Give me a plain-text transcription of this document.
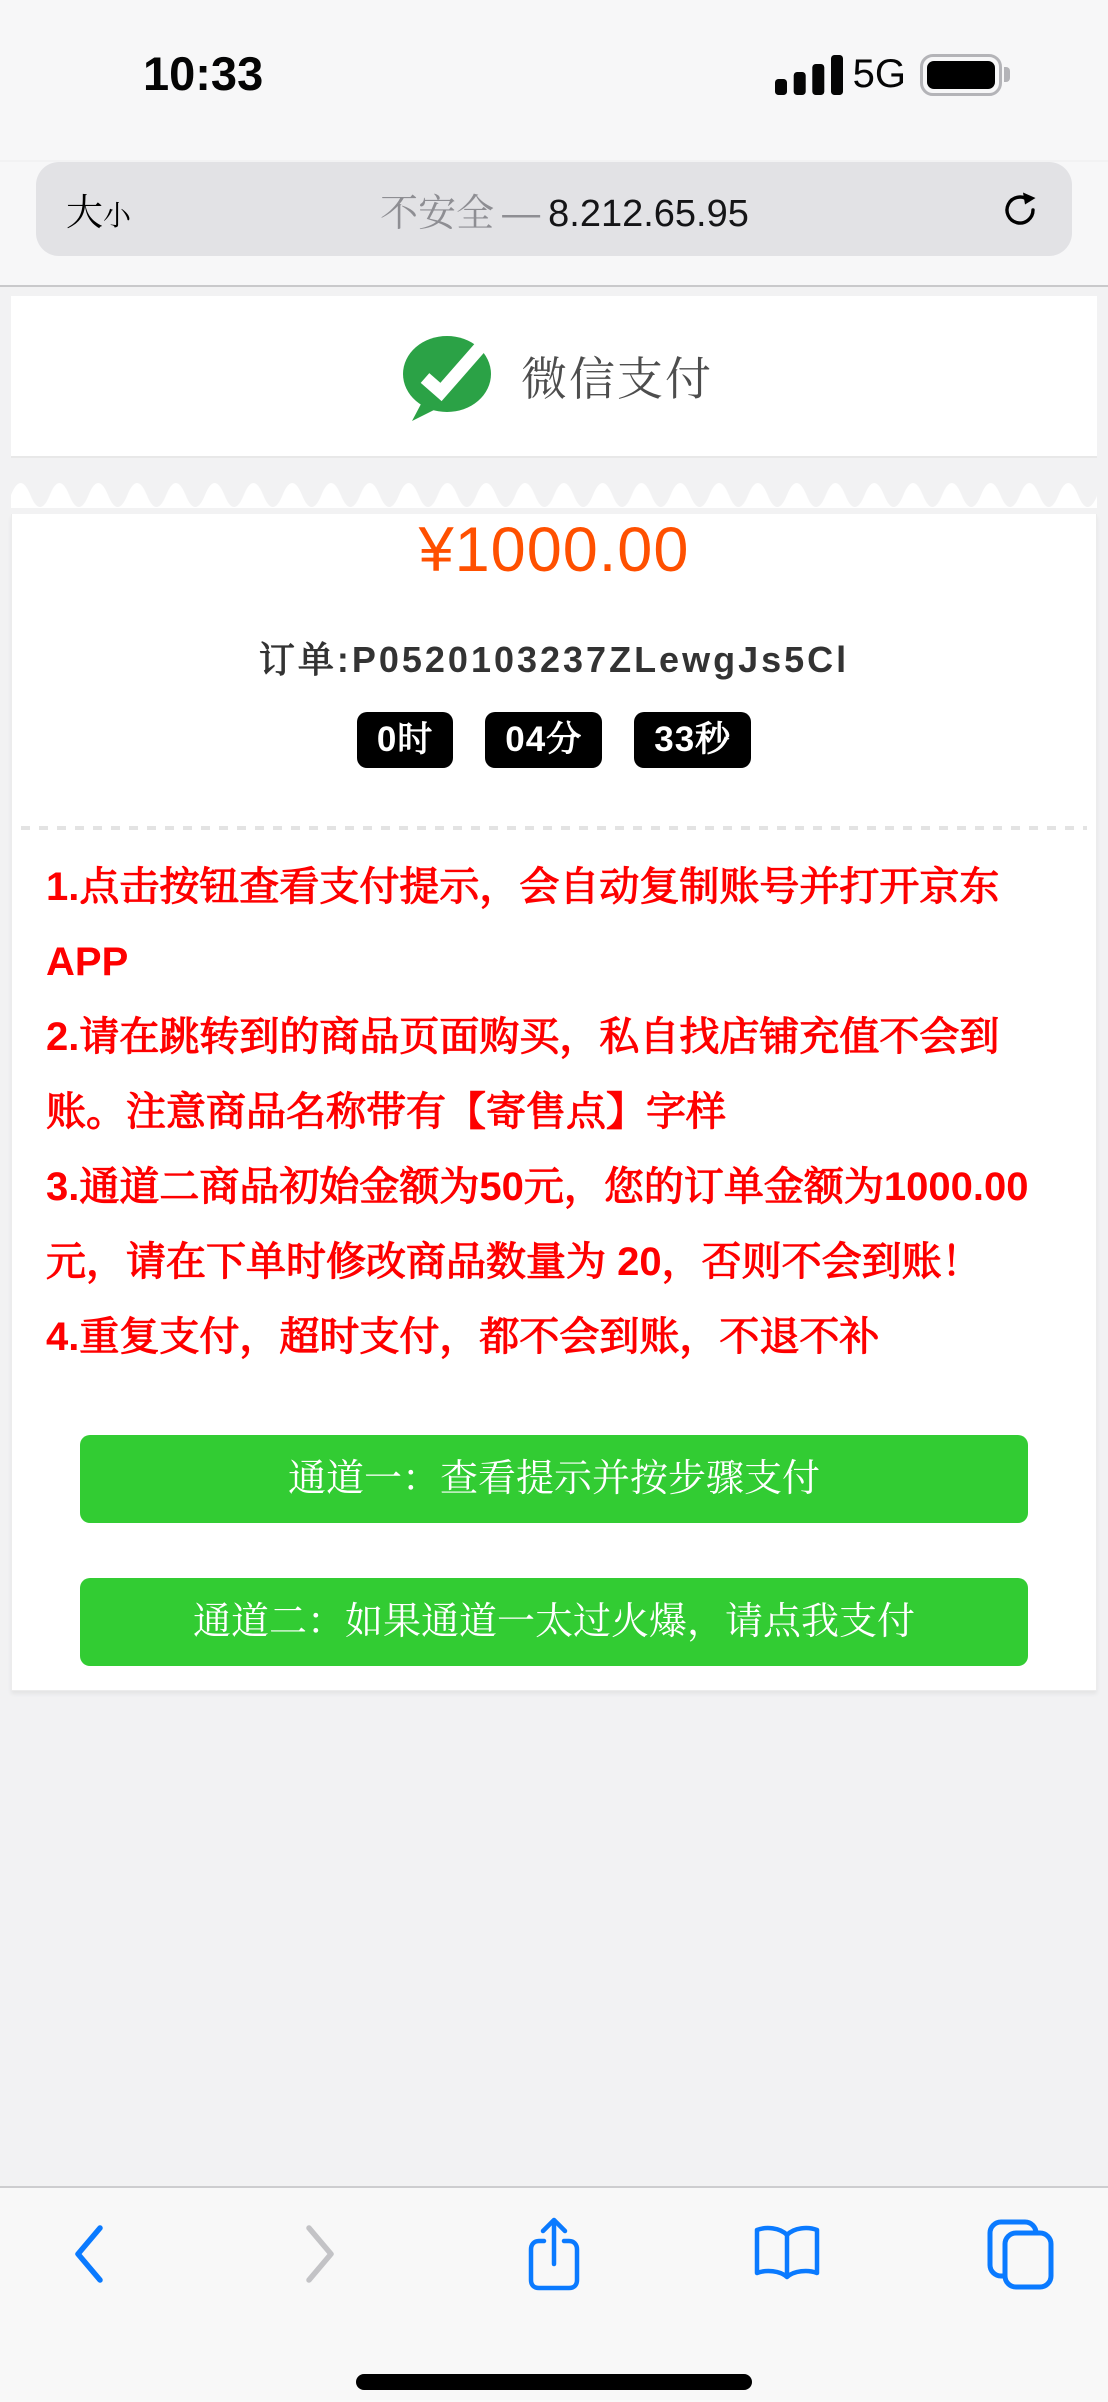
10:33	5G
大 小	不安全 — 8.212.65.95
微信支付
¥1000.00
订单:P0520103237ZLewgJs5Cl
0时	04分	33秒

1.点击按钮查看支付提示，会自动复制账号并打开京东APP

2.请在跳转到的商品页面购买，私自找店铺充值不会到账。注意商品名称带有【寄售点】字样

3.通道二商品初始金额为50元，您的订单金额为1000.00元，请在下单时修改商品数量为 20，否则不会到账！

4.重复支付，超时支付，都不会到账，不退不补

通道一：查看提示并按步骤支付
通道二：如果通道一太过火爆，请点我支付
